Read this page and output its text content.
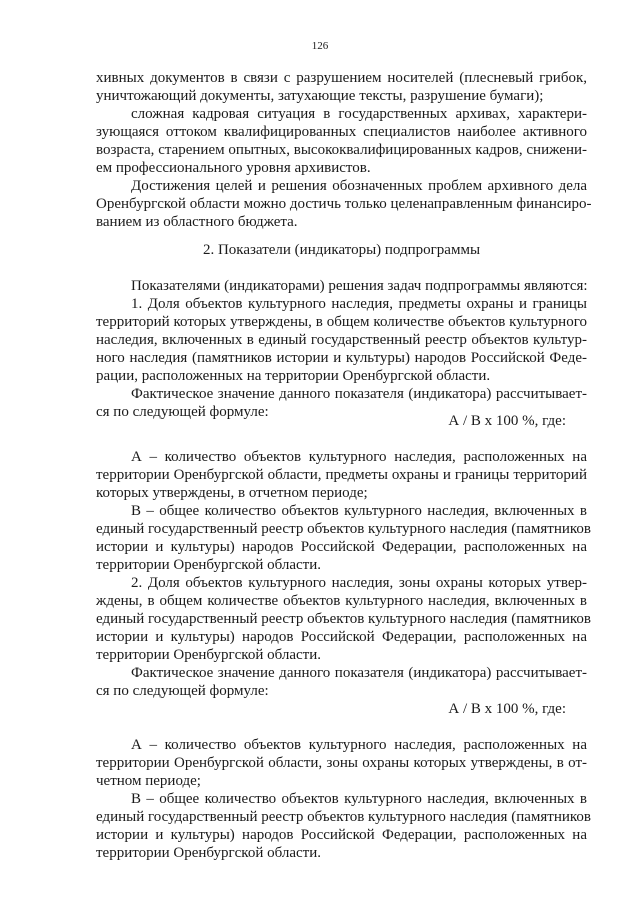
126
хивных документов в связи с разрушением носителей (плесневый грибок,
уничтожающий документы, затухающие тексты, разрушение бумаги);
сложная кадровая ситуация в государственных архивах, характери-
зующаяся оттоком квалифицированных специалистов наиболее активного
возраста, старением опытных, высококвалифицированных кадров, снижени-
ем профессионального уровня архивистов.
Достижения целей и решения обозначенных проблем архивного дела
Оренбургской области можно достичь только целенаправленным финансиро-
ванием из областного бюджета.
2. Показатели (индикаторы) подпрограммы
Показателями (индикаторами) решения задач подпрограммы являются:
1. Доля объектов культурного наследия, предметы охраны и границы
территорий которых утверждены, в общем количестве объектов культурного
наследия, включенных в единый государственный реестр объектов культур-
ного наследия (памятников истории и культуры) народов Российской Феде-
рации, расположенных на территории Оренбургской области.
Фактическое значение данного показателя (индикатора) рассчитывает-
ся по следующей формуле:
А / В х 100 %, где:
А – количество объектов культурного наследия, расположенных на
территории Оренбургской области, предметы охраны и границы территорий
которых утверждены, в отчетном периоде;
В – общее количество объектов культурного наследия, включенных в
единый государственный реестр объектов культурного наследия (памятников
истории и культуры) народов Российской Федерации, расположенных на
территории Оренбургской области.
2. Доля объектов культурного наследия, зоны охраны которых утвер-
ждены, в общем количестве объектов культурного наследия, включенных в
единый государственный реестр объектов культурного наследия (памятников
истории и культуры) народов Российской Федерации, расположенных на
территории Оренбургской области.
Фактическое значение данного показателя (индикатора) рассчитывает-
ся по следующей формуле:
А / В х 100 %, где:
А – количество объектов культурного наследия, расположенных на
территории Оренбургской области, зоны охраны которых утверждены, в от-
четном периоде;
В – общее количество объектов культурного наследия, включенных в
единый государственный реестр объектов культурного наследия (памятников
истории и культуры) народов Российской Федерации, расположенных на
территории Оренбургской области.
